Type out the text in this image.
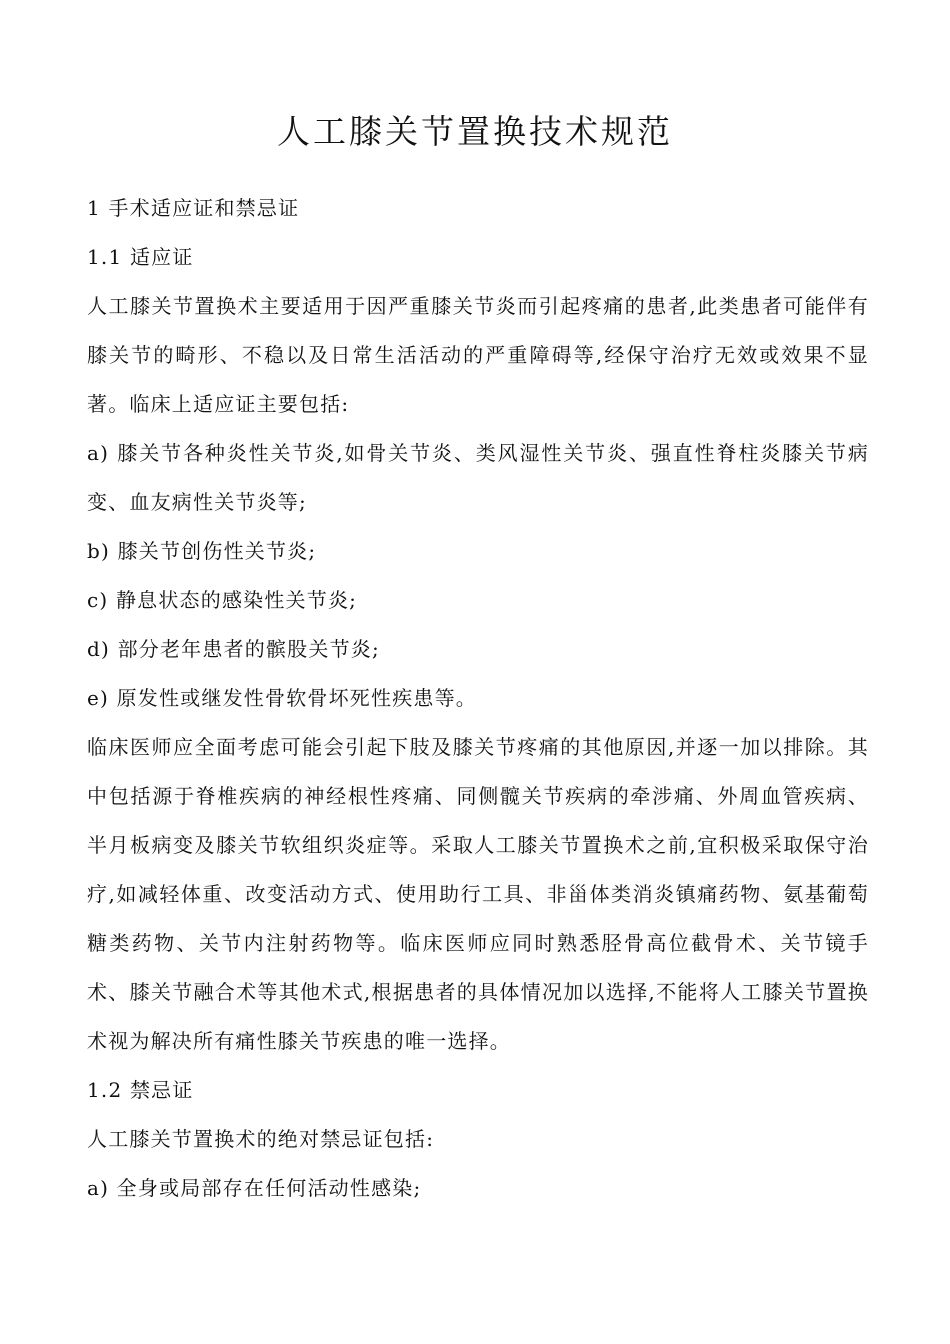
人工膝关节置换技术规范

1 手术适应证和禁忌证

1.1 适应证

人工膝关节置换术主要适用于因严重膝关节炎而引起疼痛的患者,此类患者可能伴有膝关节的畸形、不稳以及日常生活活动的严重障碍等,经保守治疗无效或效果不显著。临床上适应证主要包括:

a) 膝关节各种炎性关节炎,如骨关节炎、类风湿性关节炎、强直性脊柱炎膝关节病变、血友病性关节炎等;

b) 膝关节创伤性关节炎;

c) 静息状态的感染性关节炎;

d) 部分老年患者的髌股关节炎;

e) 原发性或继发性骨软骨坏死性疾患等。

临床医师应全面考虑可能会引起下肢及膝关节疼痛的其他原因,并逐一加以排除。其中包括源于脊椎疾病的神经根性疼痛、同侧髋关节疾病的牵涉痛、外周血管疾病、半月板病变及膝关节软组织炎症等。采取人工膝关节置换术之前,宜积极采取保守治疗,如减轻体重、改变活动方式、使用助行工具、非甾体类消炎镇痛药物、氨基葡萄糖类药物、关节内注射药物等。临床医师应同时熟悉胫骨高位截骨术、关节镜手术、膝关节融合术等其他术式,根据患者的具体情况加以选择,不能将人工膝关节置换术视为解决所有痛性膝关节疾患的唯一选择。

1.2 禁忌证

人工膝关节置换术的绝对禁忌证包括:

a) 全身或局部存在任何活动性感染;
